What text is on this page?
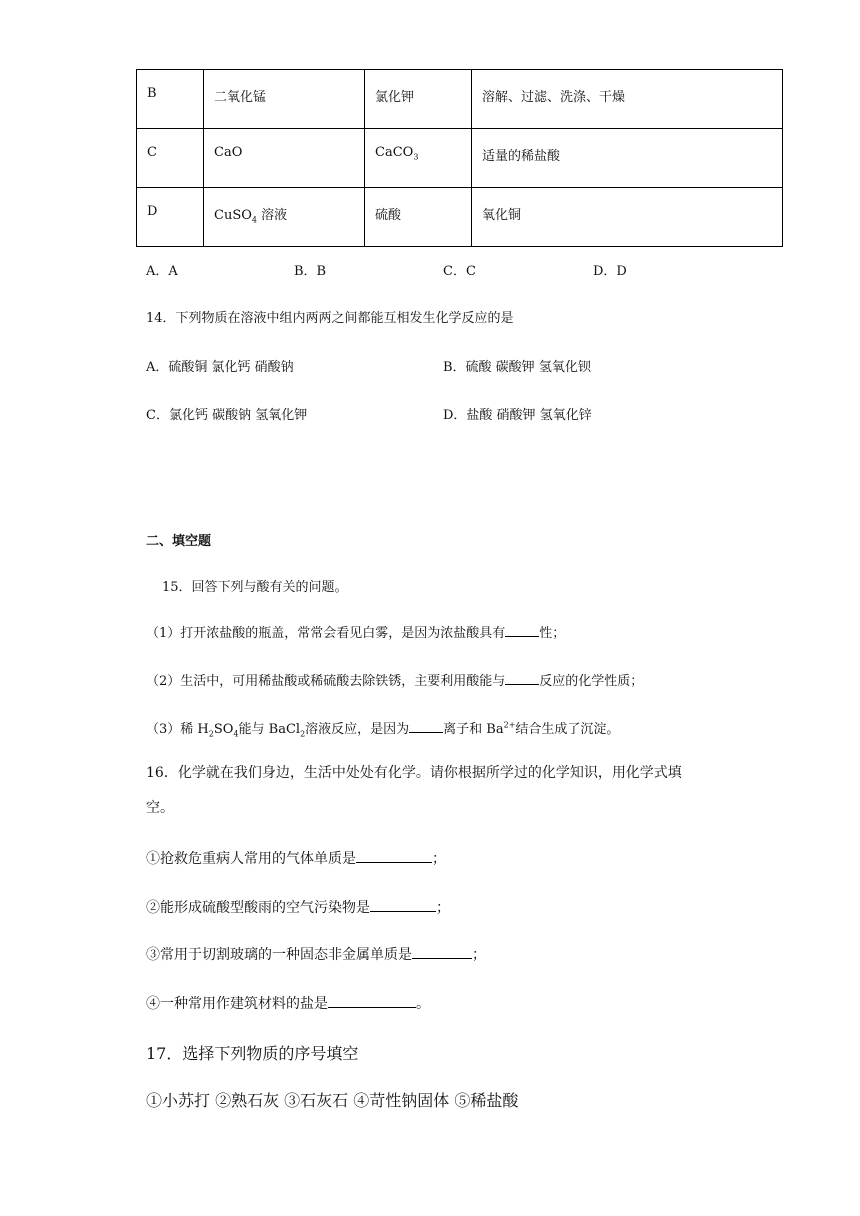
B	二氧化锰	氯化钾	溶解、过滤、洗涤、干燥
C	CaO	CaCO$_3$	适量的稀盐酸
D	CuSO$_4$ 溶液	硫酸	氧化铜
A．A	B．B	C．C	D．D
14．下列物质在溶液中组内两两之间都能互相发生化学反应的是
A．硫酸铜 氯化钙 硝酸钠	B．硫酸 碳酸钾 氢氧化钡
C．氯化钙 碳酸钠 氢氧化钾	D．盐酸 硝酸钾 氢氧化锌
二、填空题
15．回答下列与酸有关的问题。
（1）打开浓盐酸的瓶盖，常常会看见白雾，是因为浓盐酸具有	性；
（2）生活中，可用稀盐酸或稀硫酸去除铁锈，主要利用酸能与	反应的化学性质；
（3）稀 $H_2SO_4$能与 BaCl$_2$溶液反应，是因为	离子和 $Ba^{2+}$结合生成了沉淀。
16．化学就在我们身边，生活中处处有化学。请你根据所学过的化学知识，用化学式填
空。
①抢救危重病人常用的气体单质是	；
②能形成硫酸型酸雨的空气污染物是	；
③常用于切割玻璃的一种固态非金属单质是	；
④一种常用作建筑材料的盐是	。
17．选择下列物质的序号填空
①小苏打 ②熟石灰 ③石灰石 ④苛性钠固体 ⑤稀盐酸
